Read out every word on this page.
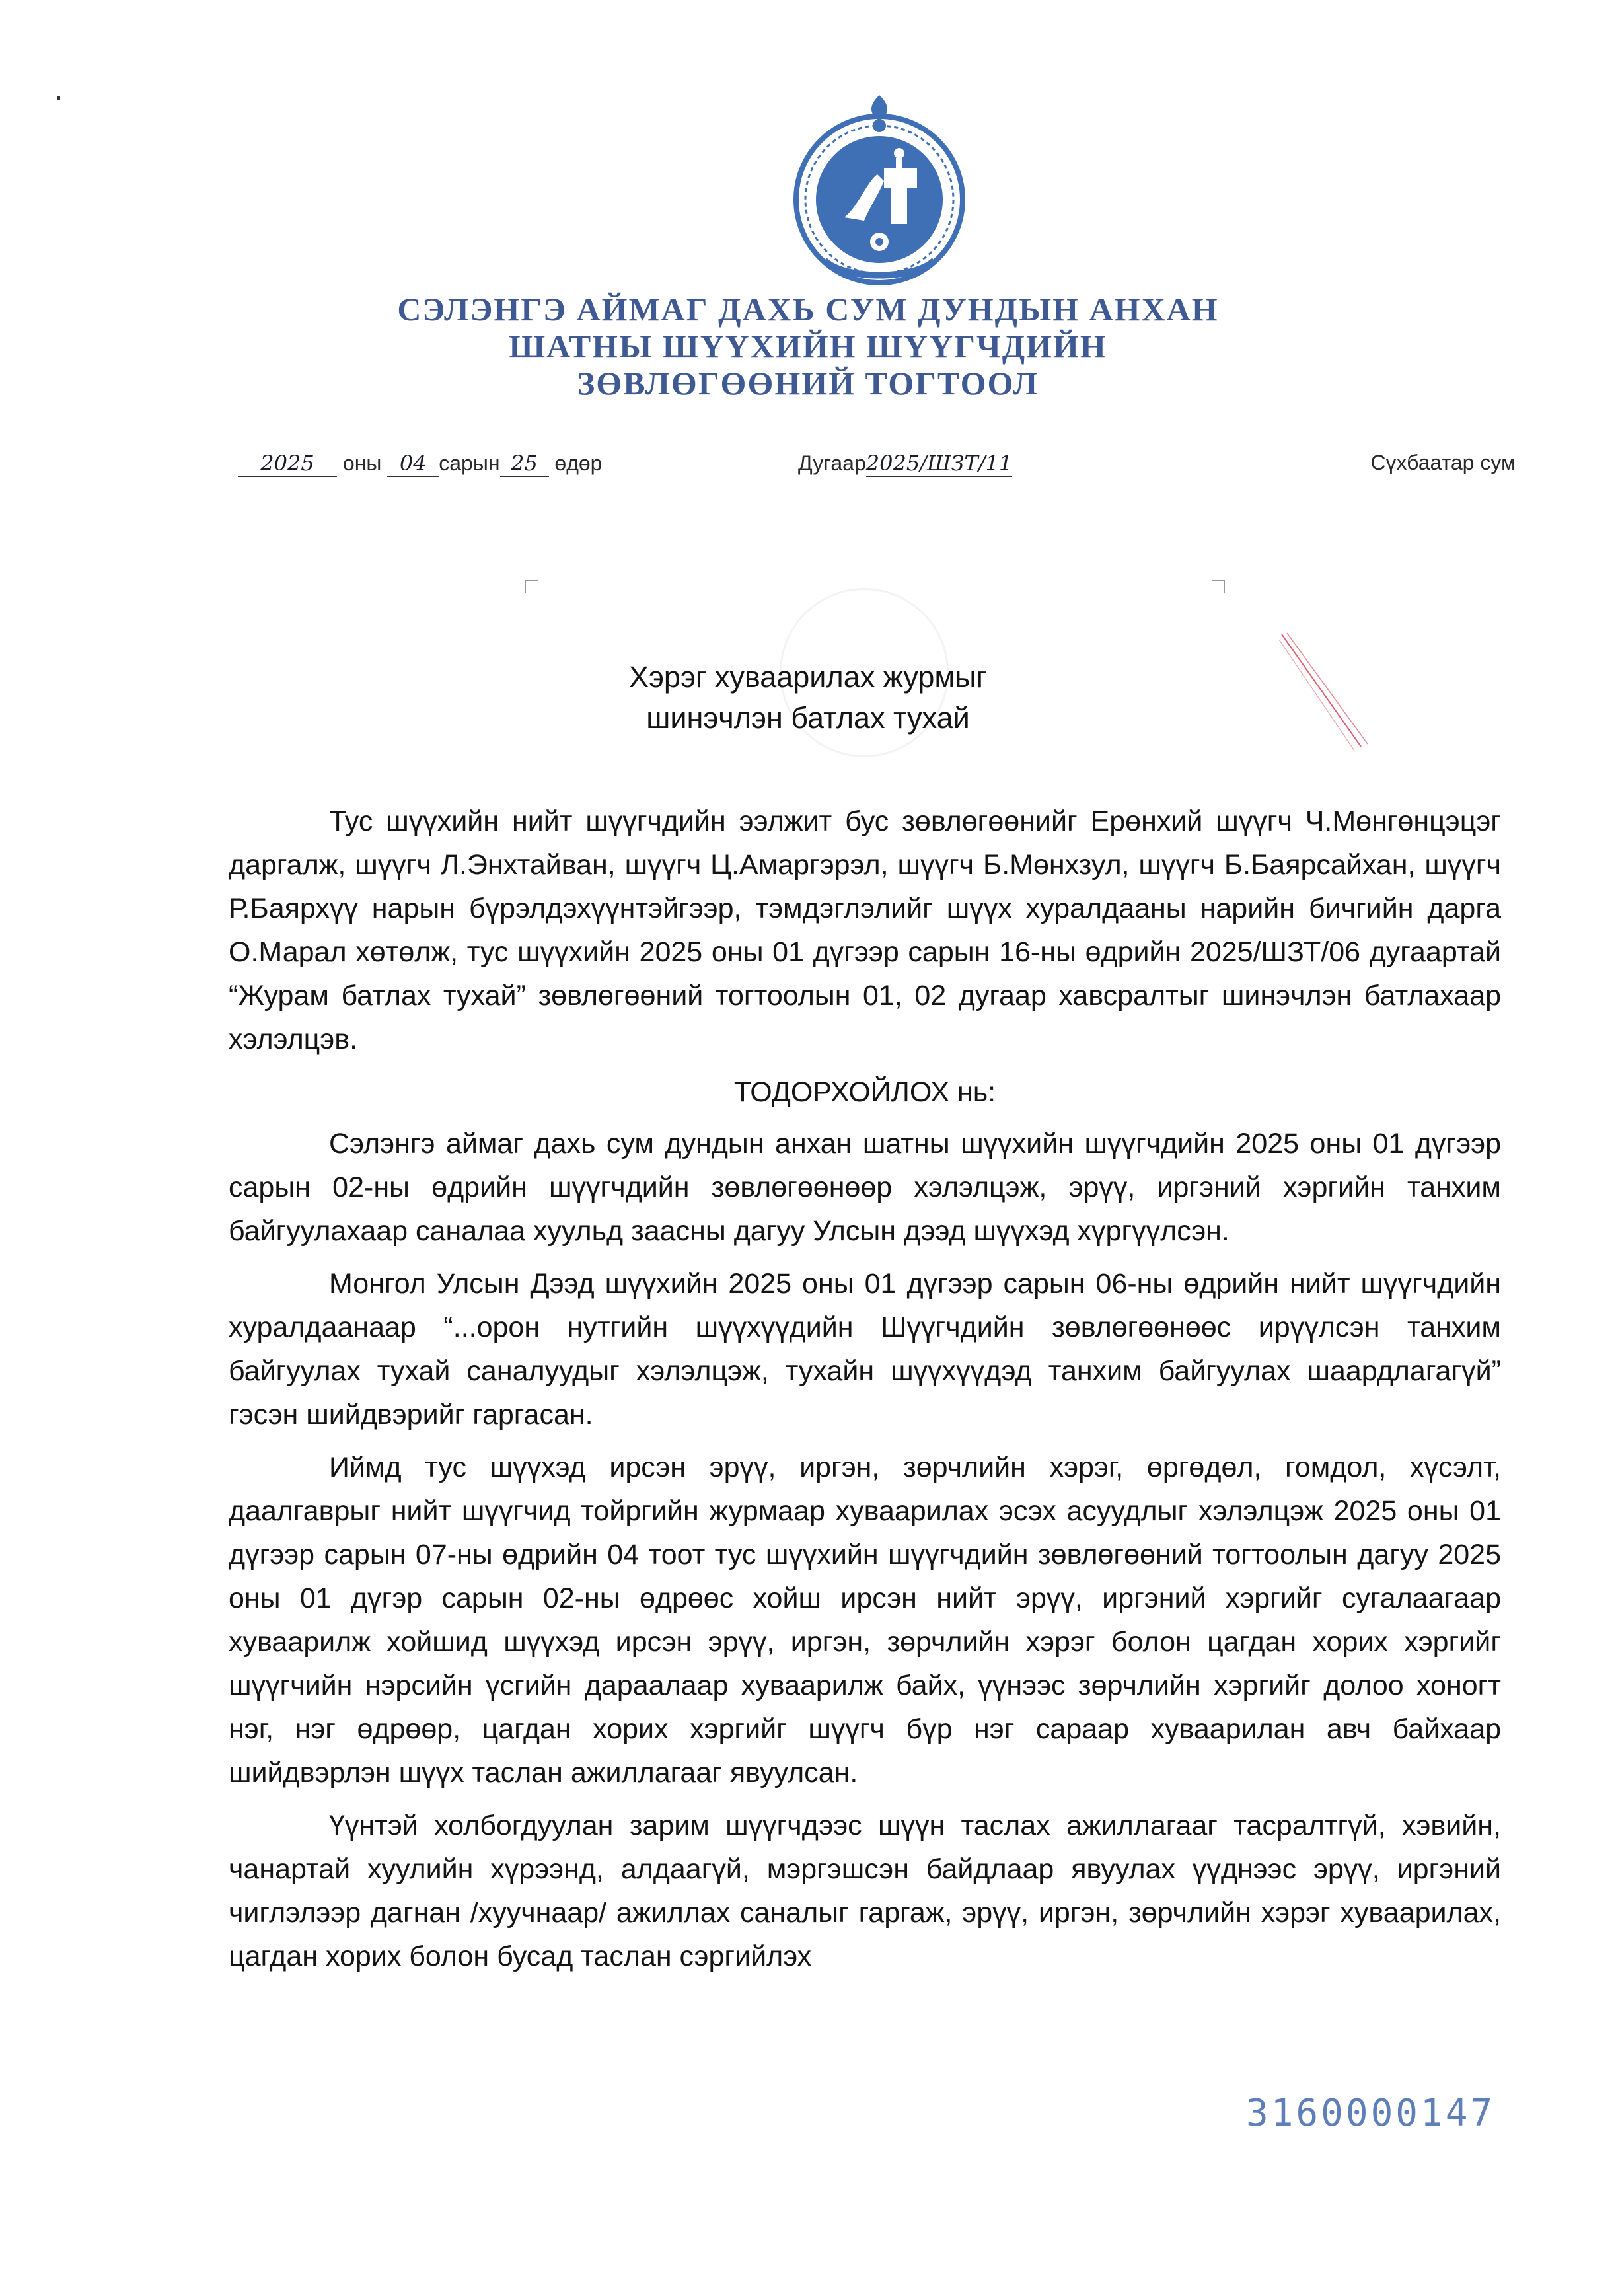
СЭЛЭНГЭ АЙМАГ ДАХЬ СУМ ДУНДЫН АНХАН
ШАТНЫ ШҮҮХИЙН ШҮҮГЧДИЙН
ЗӨВЛӨГӨӨНИЙ ТОГТООЛ
2025 оны 04 сарын 25 өдөр	Дугаар2025/ШЗТ/11	Сүхбаатар сум
Хэрэг хуваарилах журмыг
шинэчлэн батлах тухай

Тус шүүхийн нийт шүүгчдийн ээлжит бус зөвлөгөөнийг Ерөнхий шүүгч Ч.Мөнгөнцэцэг даргалж, шүүгч Л.Энхтайван, шүүгч Ц.Амаргэрэл, шүүгч Б.Мөнхзул, шүүгч Б.Баярсайхан, шүүгч Р.Баярхүү нарын бүрэлдэхүүнтэйгээр, тэмдэглэлийг шүүх хуралдааны нарийн бичгийн дарга О.Марал хөтөлж, тус шүүхийн 2025 оны 01 дүгээр сарын 16-ны өдрийн 2025/ШЗТ/06 дугаартай “Журам батлах тухай” зөвлөгөөний тогтоолын 01, 02 дугаар хавсралтыг шинэчлэн батлахаар хэлэлцэв.

ТОДОРХОЙЛОХ нь:

Сэлэнгэ аймаг дахь сум дундын анхан шатны шүүхийн шүүгчдийн 2025 оны 01 дүгээр сарын 02-ны өдрийн шүүгчдийн зөвлөгөөнөөр хэлэлцэж, эрүү, иргэний хэргийн танхим байгуулахаар саналаа хуульд заасны дагуу Улсын дээд шүүхэд хүргүүлсэн.

Монгол Улсын Дээд шүүхийн 2025 оны 01 дүгээр сарын 06-ны өдрийн нийт шүүгчдийн хуралдаанаар “...орон нутгийн шүүхүүдийн Шүүгчдийн зөвлөгөөнөөс ирүүлсэн танхим байгуулах тухай саналуудыг хэлэлцэж, тухайн шүүхүүдэд танхим байгуулах шаардлагагүй” гэсэн шийдвэрийг гаргасан.

Иймд тус шүүхэд ирсэн эрүү, иргэн, зөрчлийн хэрэг, өргөдөл, гомдол, хүсэлт, даалгаврыг нийт шүүгчид тойргийн журмаар хуваарилах эсэх асуудлыг хэлэлцэж 2025 оны 01 дүгээр сарын 07-ны өдрийн 04 тоот тус шүүхийн шүүгчдийн зөвлөгөөний тогтоолын дагуу 2025 оны 01 дүгэр сарын 02-ны өдрөөс хойш ирсэн нийт эрүү, иргэний хэргийг сугалаагаар хуваарилж хойшид шүүхэд ирсэн эрүү, иргэн, зөрчлийн хэрэг болон цагдан хорих хэргийг шүүгчийн нэрсийн үсгийн дараалаар хуваарилж байх, үүнээс зөрчлийн хэргийг долоо хоногт нэг, нэг өдрөөр, цагдан хорих хэргийг шүүгч бүр нэг сараар хуваарилан авч байхаар шийдвэрлэн шүүх таслан ажиллагааг явуулсан.

Үүнтэй холбогдуулан зарим шүүгчдээс шүүн таслах ажиллагааг тасралтгүй, хэвийн, чанартай хуулийн хүрээнд, алдаагүй, мэргэшсэн байдлаар явуулах үүднээс эрүү, иргэний чиглэлээр дагнан /хуучнаар/ ажиллах саналыг гаргаж, эрүү, иргэн, зөрчлийн хэрэг хуваарилах, цагдан хорих болон бусад таслан сэргийлэх

3160000147
